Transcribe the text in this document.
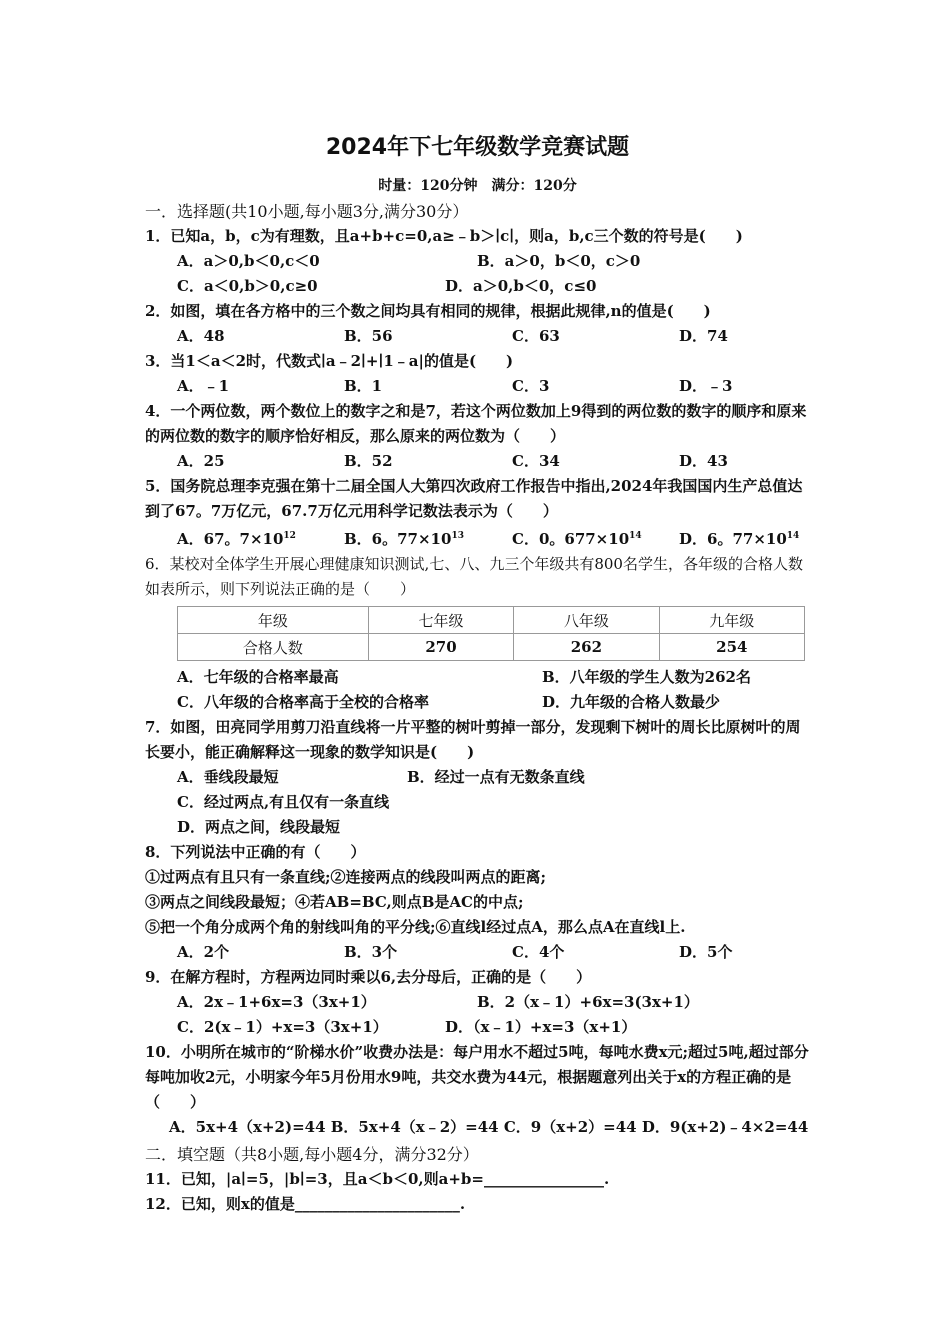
2024年下七年级数学竞赛试题
时量：120分钟　满分：120分
一．选择题(共10小题,每小题3分,满分30分）
1．已知a，b，c为有理数，且a+b+c=0,a≥﹣b＞∣c∣，则a，b,c三个数的符号是(　　)
A．a＞0,b＜0,c＜0	B．a＞0，b＜0，c＞0
C．a＜0,b＞0,c≥0	D．a＞0,b＜0，c≤0
2．如图，填在各方格中的三个数之间均具有相同的规律，根据此规律,n的值是(　　)
A．48	B．56	C．63	D．74
3．当1＜a＜2时，代数式∣a﹣2∣+∣1﹣a|的值是(　　)
A．﹣1	B．1	C．3	D．﹣3
4．一个两位数，两个数位上的数字之和是7，若这个两位数加上9得到的两位数的数字的顺序和原来的两位数的数字的顺序恰好相反，那么原来的两位数为（　　）
A．25	B．52	C．34	D．43
5．国务院总理李克强在第十二届全国人大第四次政府工作报告中指出,2024年我国国内生产总值达到了67。7万亿元，67.7万亿元用科学记数法表示为（　　）
A．67。$7\times 10^{12}$	B．6。$77\times 10^{13}$	C．0。$677\times 10^{14}$	D．6。$77\times 10^{14}$
6．某校对全体学生开展心理健康知识测试,七、八、九三个年级共有800名学生，各年级的合格人数如表所示，则下列说法正确的是（　　）
年级	七年级	八年级	九年级
合格人数	270	262	254
A．七年级的合格率最高	B．八年级的学生人数为262名
C．八年级的合格率高于全校的合格率	D．九年级的合格人数最少
7．如图，田亮同学用剪刀沿直线将一片平整的树叶剪掉一部分，发现剩下树叶的周长比原树叶的周长要小，能正确解释这一现象的数学知识是(　　)
A．垂线段最短	B．经过一点有无数条直线
C．经过两点,有且仅有一条直线
D．两点之间，线段最短
8．下列说法中正确的有（　　）
①过两点有且只有一条直线;②连接两点的线段叫两点的距离;
③两点之间线段最短；④若AB=BC,则点B是AC的中点;
⑤把一个角分成两个角的射线叫角的平分线;⑥直线l经过点A，那么点A在直线l上.
A．2个	B．3个	C．4个	D．5个
9．在解方程时，方程两边同时乘以6,去分母后，正确的是（　　）
A．2x﹣1+6x=3（3x+1）	B．2（x﹣1）+6x=3(3x+1）
C．2(x﹣1）+x=3（3x+1）	D．（x﹣1）+x=3（x+1）
10．小明所在城市的“阶梯水价”收费办法是：每户用水不超过5吨，每吨水费x元;超过5吨,超过部分每吨加收2元，小明家今年5月份用水9吨，共交水费为44元，根据题意列出关于x的方程正确的是（　　）
A．5x+4（x+2)=44 B．5x+4（x﹣2）=44 C．9（x+2）=44 D．9(x+2)﹣4×2=44
二．填空题（共8小题,每小题4分，满分32分）
11．已知，|a∣=5，|b∣=3，且a＜b＜0,则a+b=________________.
12．已知，则x的值是______________________.
